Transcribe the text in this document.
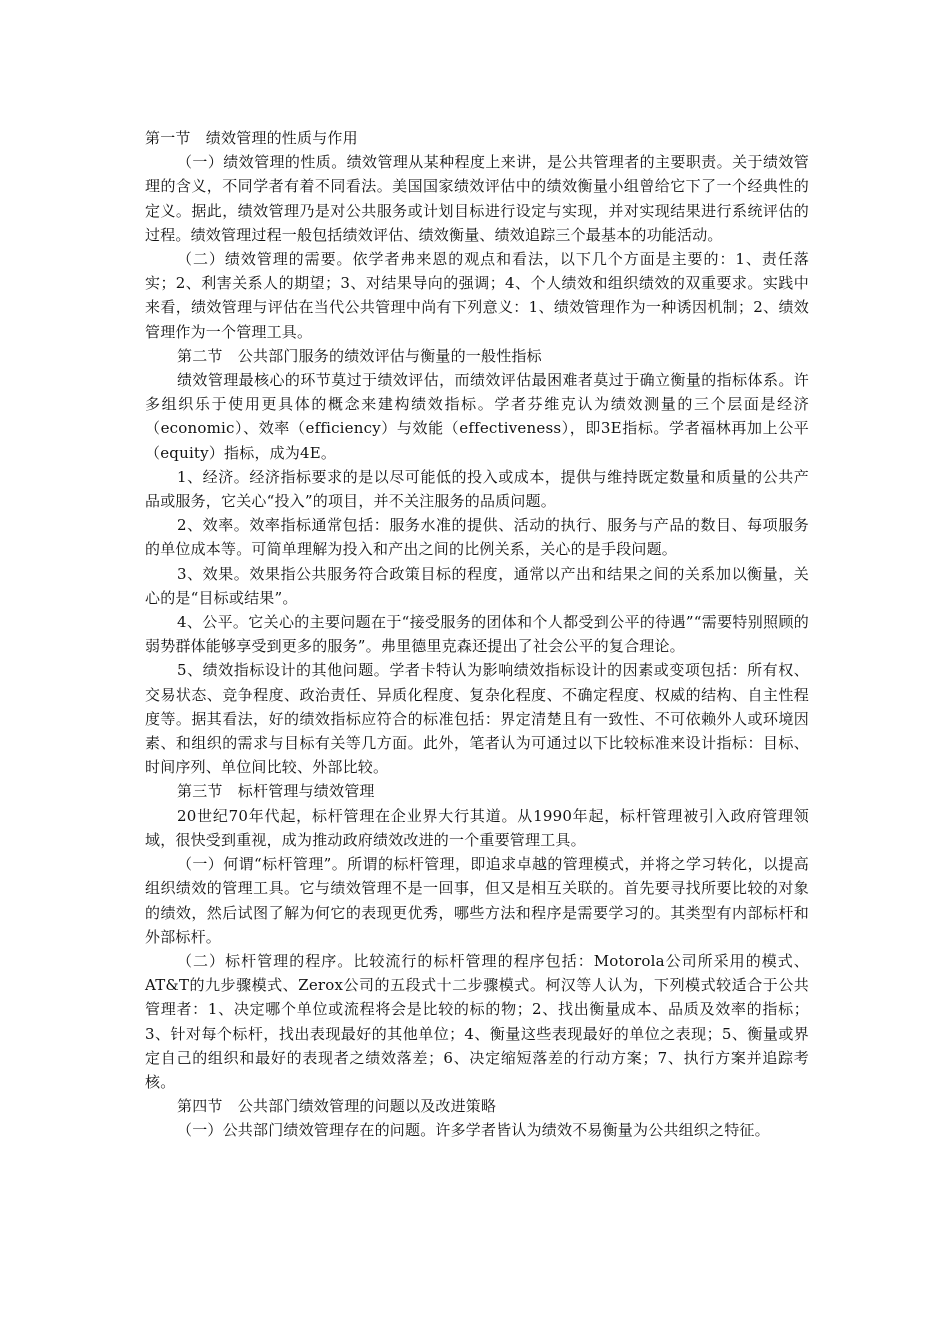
第一节　绩效管理的性质与作用

（一）绩效管理的性质。绩效管理从某种程度上来讲，是公共管理者的主要职责。关于绩效管理的含义，不同学者有着不同看法。美国国家绩效评估中的绩效衡量小组曾给它下了一个经典性的定义。据此，绩效管理乃是对公共服务或计划目标进行设定与实现，并对实现结果进行系统评估的过程。绩效管理过程一般包括绩效评估、绩效衡量、绩效追踪三个最基本的功能活动。

（二）绩效管理的需要。依学者弗来恩的观点和看法，以下几个方面是主要的：1、责任落实；2、利害关系人的期望；3、对结果导向的强调；4、个人绩效和组织绩效的双重要求。实践中来看，绩效管理与评估在当代公共管理中尚有下列意义：1、绩效管理作为一种诱因机制；2、绩效管理作为一个管理工具。

第二节　公共部门服务的绩效评估与衡量的一般性指标

绩效管理最核心的环节莫过于绩效评估，而绩效评估最困难者莫过于确立衡量的指标体系。许多组织乐于使用更具体的概念来建构绩效指标。学者芬维克认为绩效测量的三个层面是经济（economic）、效率（efficiency）与效能（effectiveness），即3E指标。学者福林再加上公平（equity）指标，成为4E。

1、经济。经济指标要求的是以尽可能低的投入或成本，提供与维持既定数量和质量的公共产品或服务，它关心“投入”的项目，并不关注服务的品质问题。

2、效率。效率指标通常包括：服务水准的提供、活动的执行、服务与产品的数目、每项服务的单位成本等。可简单理解为投入和产出之间的比例关系，关心的是手段问题。

3、效果。效果指公共服务符合政策目标的程度，通常以产出和结果之间的关系加以衡量，关心的是“目标或结果”。

4、公平。它关心的主要问题在于“接受服务的团体和个人都受到公平的待遇”“需要特别照顾的弱势群体能够享受到更多的服务”。弗里德里克森还提出了社会公平的复合理论。

5、绩效指标设计的其他问题。学者卡特认为影响绩效指标设计的因素或变项包括：所有权、交易状态、竞争程度、政治责任、异质化程度、复杂化程度、不确定程度、权威的结构、自主性程度等。据其看法，好的绩效指标应符合的标准包括：界定清楚且有一致性、不可依赖外人或环境因素、和组织的需求与目标有关等几方面。此外，笔者认为可通过以下比较标准来设计指标：目标、时间序列、单位间比较、外部比较。

第三节　标杆管理与绩效管理

20世纪70年代起，标杆管理在企业界大行其道。从1990年起，标杆管理被引入政府管理领域，很快受到重视，成为推动政府绩效改进的一个重要管理工具。

（一）何谓“标杆管理”。所谓的标杆管理，即追求卓越的管理模式，并将之学习转化，以提高组织绩效的管理工具。它与绩效管理不是一回事，但又是相互关联的。首先要寻找所要比较的对象的绩效，然后试图了解为何它的表现更优秀，哪些方法和程序是需要学习的。其类型有内部标杆和外部标杆。

（二）标杆管理的程序。比较流行的标杆管理的程序包括：Motorola公司所采用的模式、AT&T的九步骤模式、Zerox公司的五段式十二步骤模式。柯汉等人认为，下列模式较适合于公共管理者：1、决定哪个单位或流程将会是比较的标的物；2、找出衡量成本、品质及效率的指标；3、针对每个标杆，找出表现最好的其他单位；4、衡量这些表现最好的单位之表现；5、衡量或界定自己的组织和最好的表现者之绩效落差；6、决定缩短落差的行动方案；7、执行方案并追踪考核。

第四节　公共部门绩效管理的问题以及改进策略

（一）公共部门绩效管理存在的问题。许多学者皆认为绩效不易衡量为公共组织之特征。
